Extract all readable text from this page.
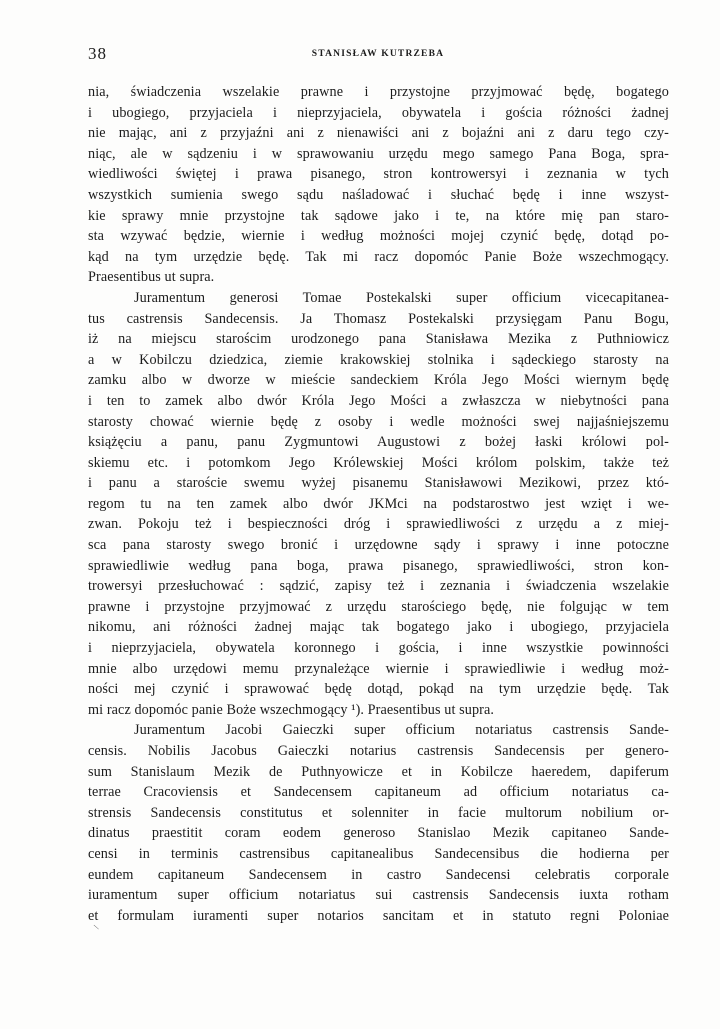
38	STANISŁAW KUTRZEBA
nia, świadczenia wszelakie prawne i przystojne przyjmować będę, bogatego
i ubogiego, przyjaciela i nieprzyjaciela, obywatela i gościa różności żadnej
nie mając, ani z przyjaźni ani z nienawiści ani z bojaźni ani z daru tego czy-
niąc, ale w sądzeniu i w sprawowaniu urzędu mego samego Pana Boga, spra-
wiedliwości świętej i prawa pisanego, stron kontrowersyi i zeznania w tych
wszystkich sumienia swego sądu naśladować i słuchać będę i inne wszyst-
kie sprawy mnie przystojne tak sądowe jako i te, na które mię pan staro-
sta wzywać będzie, wiernie i według możności mojej czynić będę, dotąd po-
kąd na tym urzędzie będę. Tak mi racz dopomóc Panie Boże wszechmogący.
Praesentibus ut supra.
Juramentum generosi Tomae Postekalski super officium vicecapitanea-
tus castrensis Sandecensis. Ja Thomasz Postekalski przysięgam Panu Bogu,
iż na miejscu starościm urodzonego pana Stanisława Mezika z Puthniowicz
a w Kobilczu dziedzica, ziemie krakowskiej stolnika i sądeckiego starosty na
zamku albo w dworze w mieście sandeckiem Króla Jego Mości wiernym będę
i ten to zamek albo dwór Króla Jego Mości a zwłaszcza w niebytności pana
starosty chować wiernie będę z osoby i wedle możności swej najjaśniejszemu
książęciu a panu, panu Zygmuntowi Augustowi z bożej łaski królowi pol-
skiemu etc. i potomkom Jego Królewskiej Mości królom polskim, także też
i panu a staroście swemu wyżej pisanemu Stanisławowi Mezikowi, przez któ-
regom tu na ten zamek albo dwór JKMci na podstarostwo jest wzięt i we-
zwan. Pokoju też i bespieczności dróg i sprawiedliwości z urzędu a z miej-
sca pana starosty swego bronić i urzędowne sądy i sprawy i inne potoczne
sprawiedliwie według pana boga, prawa pisanego, sprawiedliwości, stron kon-
trowersyi przesłuchować : sądzić, zapisy też i zeznania i świadczenia wszelakie
prawne i przystojne przyjmować z urzędu starościego będę, nie folgując w tem
nikomu, ani różności żadnej mając tak bogatego jako i ubogiego, przyjaciela
i nieprzyjaciela, obywatela koronnego i gościa, i inne wszystkie powinności
mnie albo urzędowi memu przynależące wiernie i sprawiedliwie i według moż-
ności mej czynić i sprawować będę dotąd, pokąd na tym urzędzie będę. Tak
mi racz dopomóc panie Boże wszechmogący ¹). Praesentibus ut supra.
Juramentum Jacobi Gaieczki super officium notariatus castrensis Sande-
censis. Nobilis Jacobus Gaieczki notarius castrensis Sandecensis per genero-
sum Stanislaum Mezik de Puthnyowicze et in Kobilcze haeredem, dapiferum
terrae Cracoviensis et Sandecensem capitaneum ad officium notariatus ca-
strensis Sandecensis constitutus et solenniter in facie multorum nobilium or-
dinatus praestitit coram eodem generoso Stanislao Mezik capitaneo Sande-
censi in terminis castrensibus capitanealibus Sandecensibus die hodierna per
eundem capitaneum Sandecensem in castro Sandecensi celebratis corporale
iuramentum super officium notariatus sui castrensis Sandecensis iuxta rotham
et formulam iuramenti super notarios sancitam et in statuto regni Poloniae
\
